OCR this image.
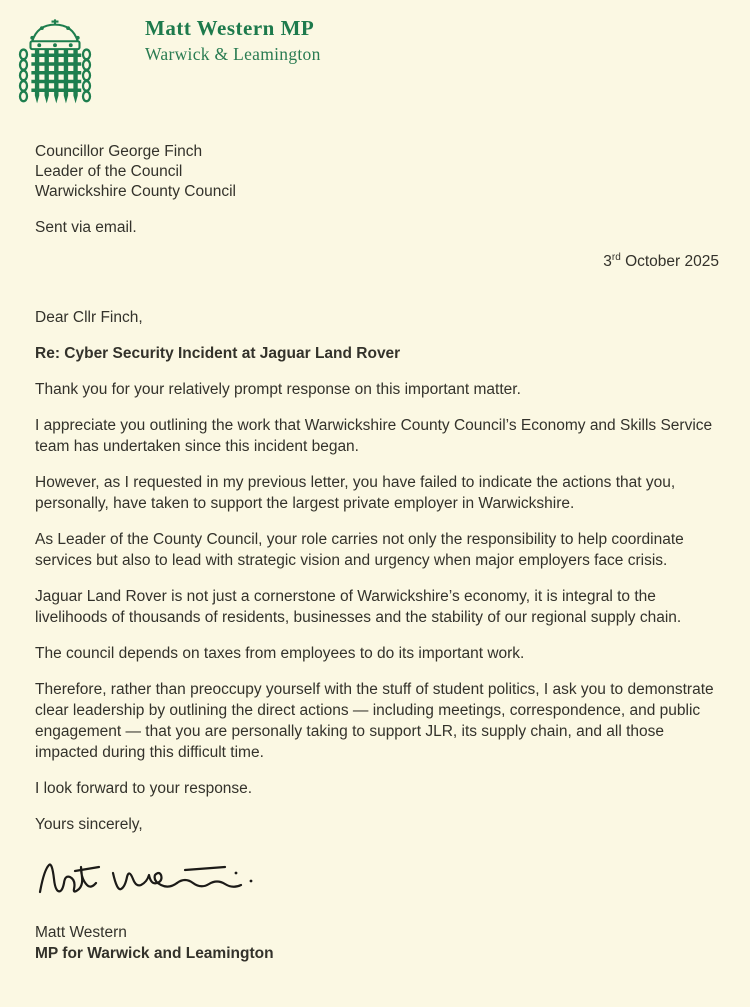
Matt Western MP
Warwick & Leamington
Councillor George Finch
Leader of the Council
Warwickshire County Council
Sent via email.
3rd October 2025

Dear Cllr Finch,

Re: Cyber Security Incident at Jaguar Land Rover

Thank you for your relatively prompt response on this important matter.

I appreciate you outlining the work that Warwickshire County Council’s Economy and Skills Service team has undertaken since this incident began.

However, as I requested in my previous letter, you have failed to indicate the actions that you, personally, have taken to support the largest private employer in Warwickshire.

As Leader of the County Council, your role carries not only the responsibility to help coordinate services but also to lead with strategic vision and urgency when major employers face crisis.

Jaguar Land Rover is not just a cornerstone of Warwickshire’s economy, it is integral to the livelihoods of thousands of residents, businesses and the stability of our regional supply chain.

The council depends on taxes from employees to do its important work.

Therefore, rather than preoccupy yourself with the stuff of student politics, I ask you to demonstrate clear leadership by outlining the direct actions — including meetings, correspondence, and public engagement — that you are personally taking to support JLR, its supply chain, and all those impacted during this difficult time.

I look forward to your response.

Yours sincerely,

Matt Western

MP for Warwick and Leamington
